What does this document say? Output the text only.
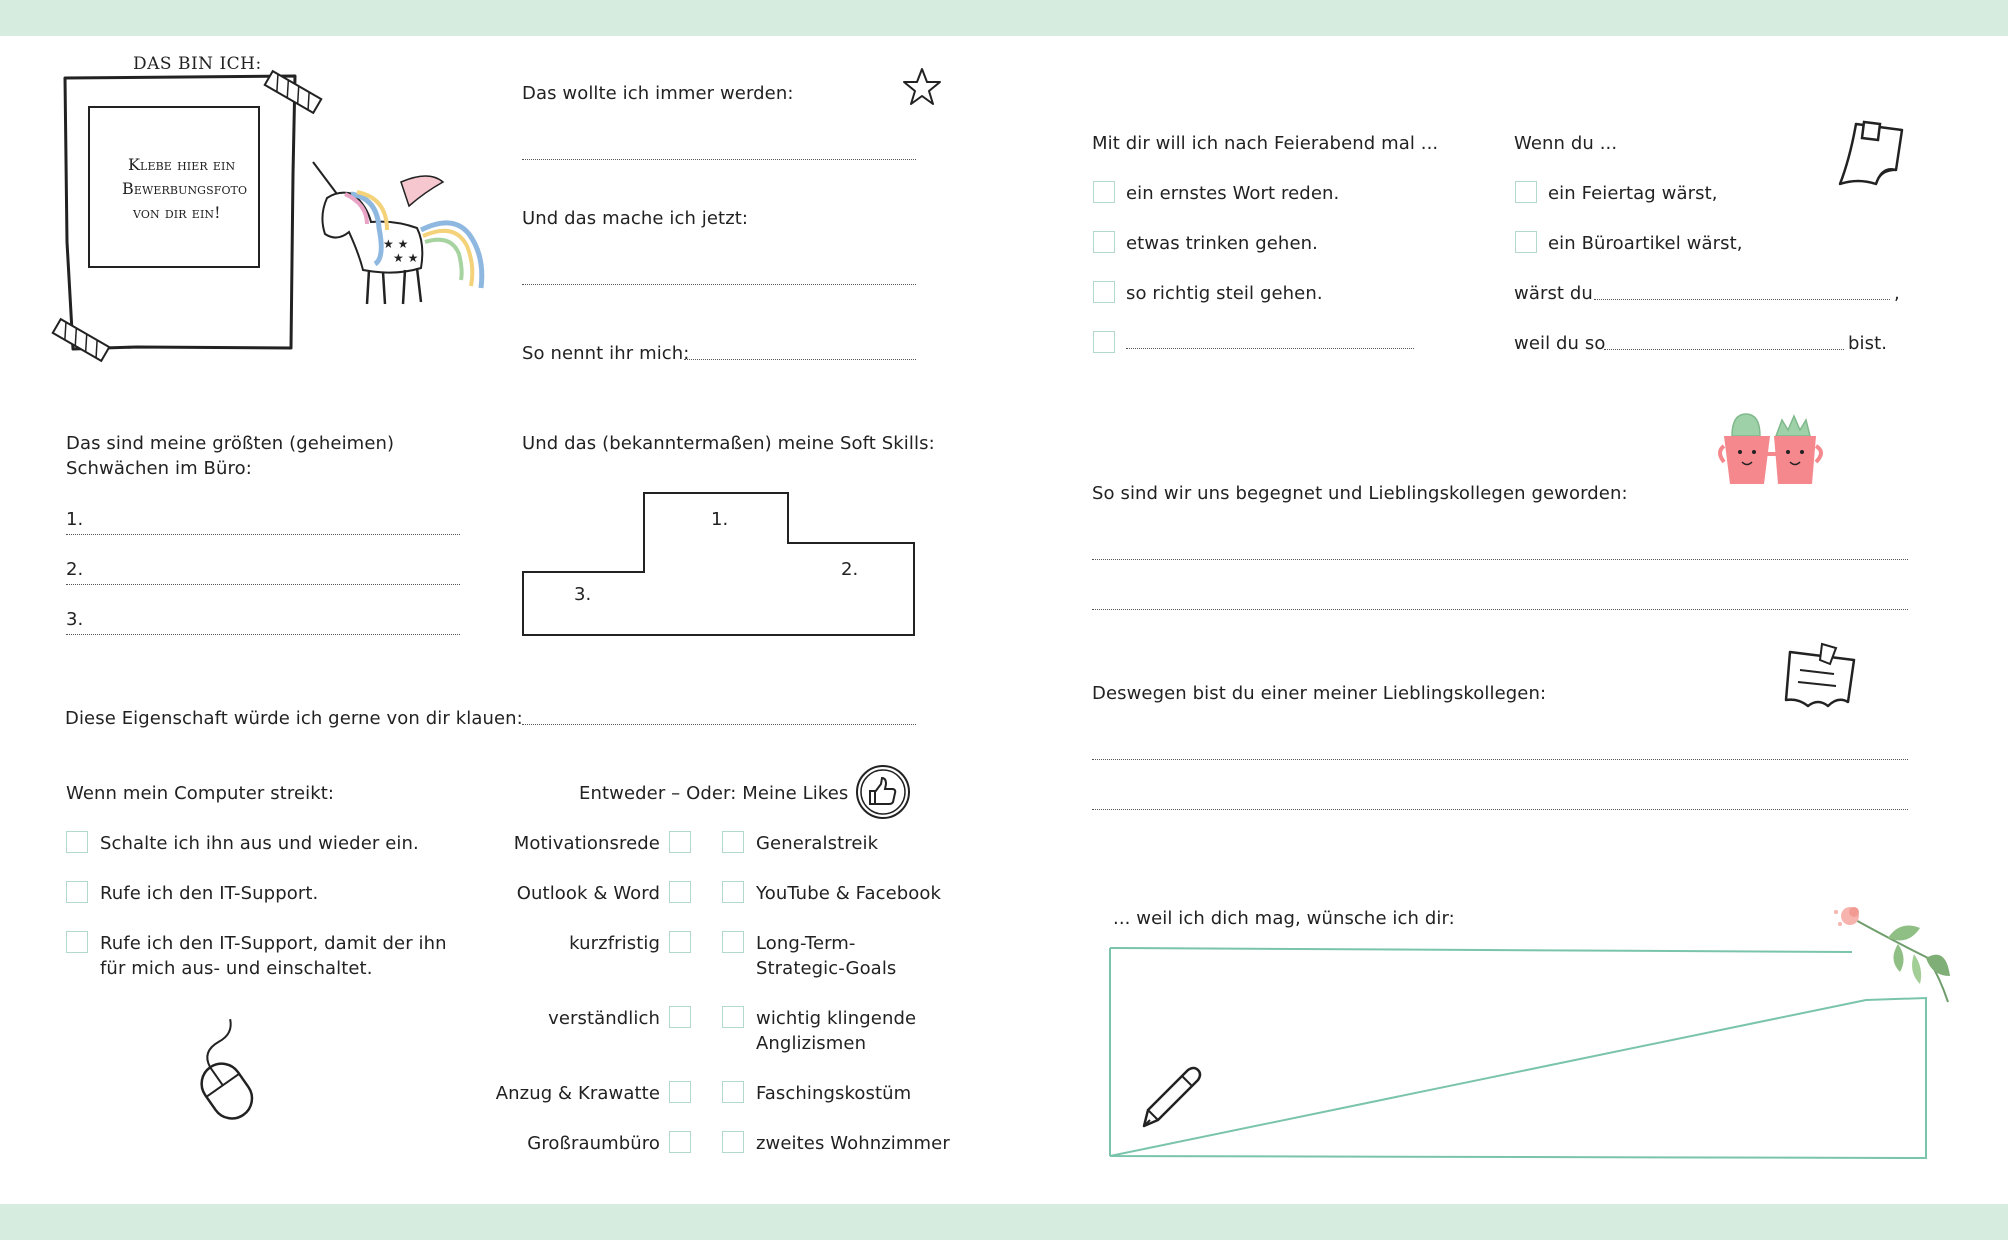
DAS BIN ICH:
Klebe hier ein
Bewerbungsfoto
von dir ein!
★ ★
★ ★
Das wollte ich immer werden:
Und das mache ich jetzt:
So nennt ihr mich:
Das sind meine größten (geheimen)
Schwächen im Büro:
1.
2.
3.
Und das (bekanntermaßen) meine Soft Skills:
1.
2.
3.
Diese Eigenschaft würde ich gerne von dir klauen:
Wenn mein Computer streikt:
Schalte ich ihn aus und wieder ein.
Rufe ich den IT-Support.
Rufe ich den IT-Support, damit der ihn
für mich aus- und einschaltet.
Entweder – Oder: Meine Likes
Motivationsrede	Generalstreik
Outlook & Word	YouTube & Facebook
kurzfristig	Long-Term-
Strategic-Goals
verständlich	wichtig klingende
Anglizismen
Anzug & Krawatte	Faschingskostüm
Großraumbüro	zweites Wohnzimmer
Mit dir will ich nach Feierabend mal ...
ein ernstes Wort reden.
etwas trinken gehen.
so richtig steil gehen.
Wenn du ...
ein Feiertag wärst,
ein Büroartikel wärst,
wärst du	,
weil du so	bist.
So sind wir uns begegnet und Lieblingskollegen geworden:
Deswegen bist du einer meiner Lieblingskollegen:
... weil ich dich mag, wünsche ich dir:
